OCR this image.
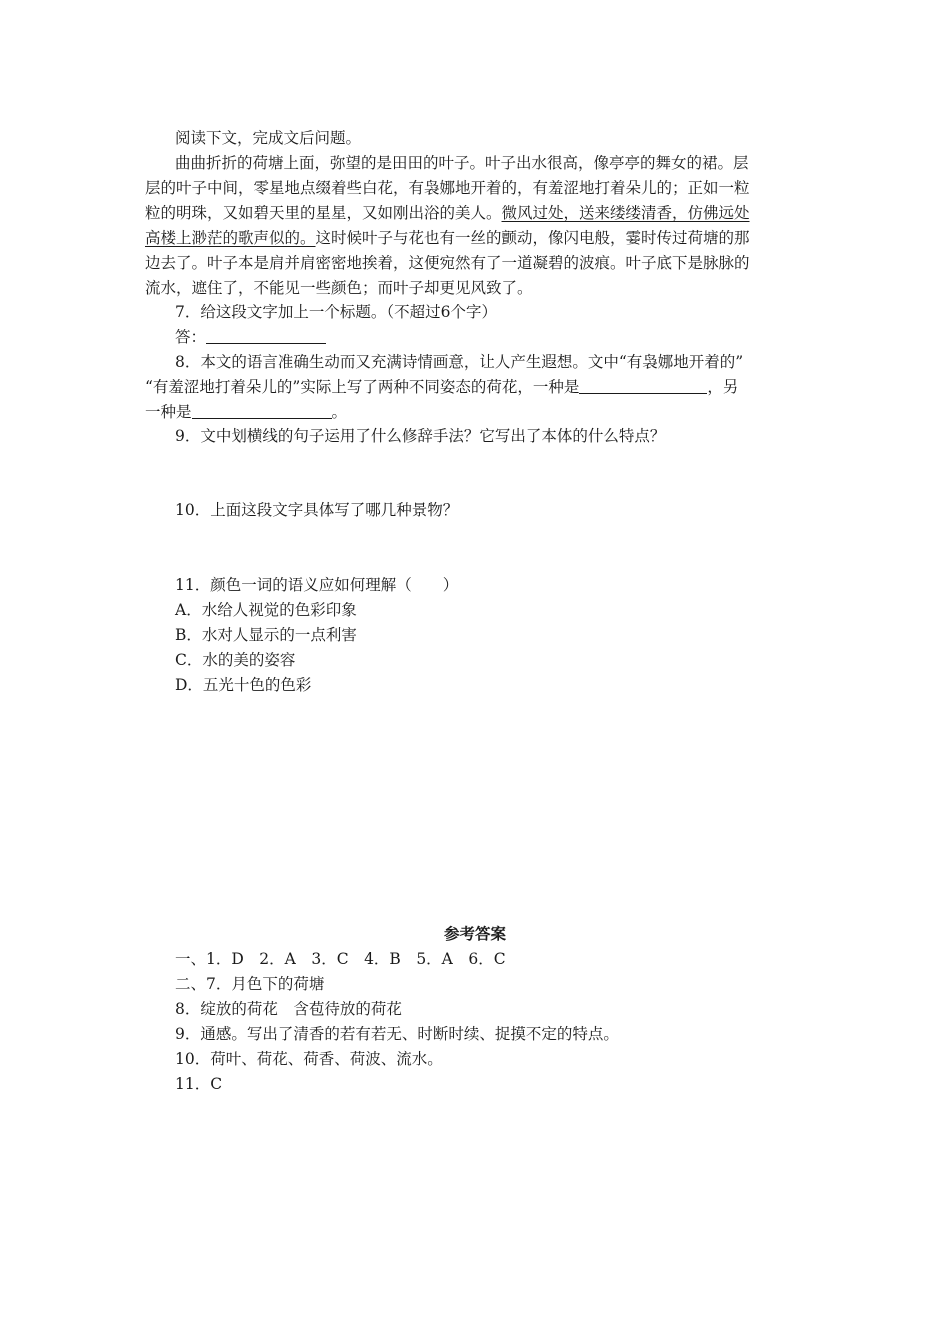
阅读下文，完成文后问题。
曲曲折折的荷塘上面，弥望的是田田的叶子。叶子出水很高，像亭亭的舞女的裙。层
层的叶子中间，零星地点缀着些白花，有袅娜地开着的，有羞涩地打着朵儿的；正如一粒
粒的明珠，又如碧天里的星星，又如刚出浴的美人。微风过处，送来缕缕清香，仿佛远处
高楼上渺茫的歌声似的。这时候叶子与花也有一丝的颤动，像闪电般，霎时传过荷塘的那
边去了。叶子本是肩并肩密密地挨着，这便宛然有了一道凝碧的波痕。叶子底下是脉脉的
流水，遮住了，不能见一些颜色；而叶子却更见风致了。
7．给这段文字加上一个标题。（不超过6个字）
答：
8．本文的语言准确生动而又充满诗情画意，让人产生遐想。文中“有袅娜地开着的”
“有羞涩地打着朵儿的”实际上写了两种不同姿态的荷花，一种是	，另
一种是	。
9．文中划横线的句子运用了什么修辞手法？它写出了本体的什么特点？
10．上面这段文字具体写了哪几种景物？
11．颜色一词的语义应如何理解（　　）
A．水给人视觉的色彩印象
B．水对人显示的一点利害
C．水的美的姿容
D．五光十色的色彩
参考答案
一、1．D　2．A　3．C　4．B　5．A　6．C
二、7．月色下的荷塘
8．绽放的荷花　含苞待放的荷花
9．通感。写出了清香的若有若无、时断时续、捉摸不定的特点。
10．荷叶、荷花、荷香、荷波、流水。
11．C
